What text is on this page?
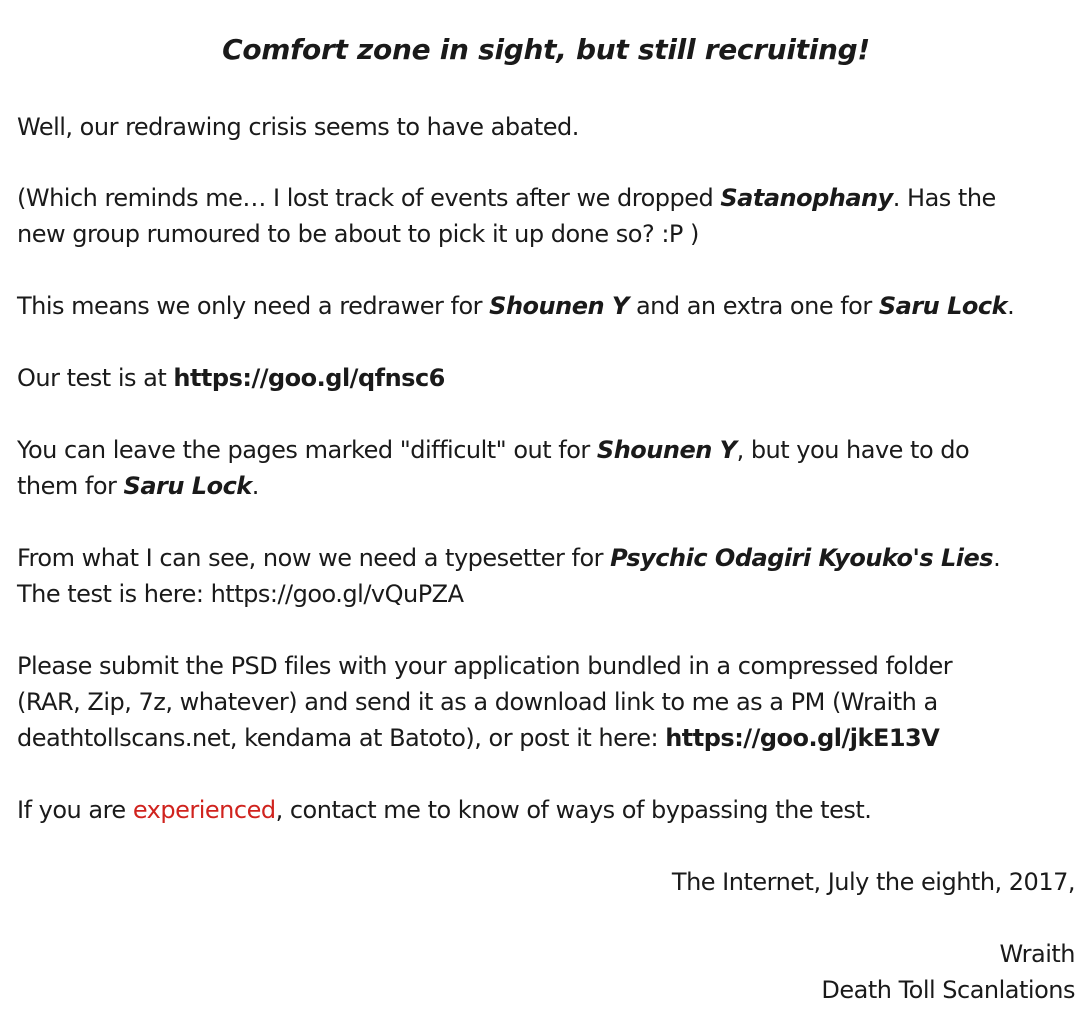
Comfort zone in sight, but still recruiting!
Well, our redrawing crisis seems to have abated.
(Which reminds me… I lost track of events after we dropped Satanophany. Has the
new group rumoured to be about to pick it up done so? :P )
This means we only need a redrawer for Shounen Y and an extra one for Saru Lock.
Our test is at https://goo.gl/qfnsc6
You can leave the pages marked "difficult" out for Shounen Y, but you have to do
them for Saru Lock.
From what I can see, now we need a typesetter for Psychic Odagiri Kyouko's Lies.
The test is here: https://goo.gl/vQuPZA
Please submit the PSD files with your application bundled in a compressed folder
(RAR, Zip, 7z, whatever) and send it as a download link to me as a PM (Wraith a
deathtollscans.net, kendama at Batoto), or post it here: https://goo.gl/jkE13V
If you are experienced, contact me to know of ways of bypassing the test.
The Internet, July the eighth, 2017,
Wraith
Death Toll Scanlations
